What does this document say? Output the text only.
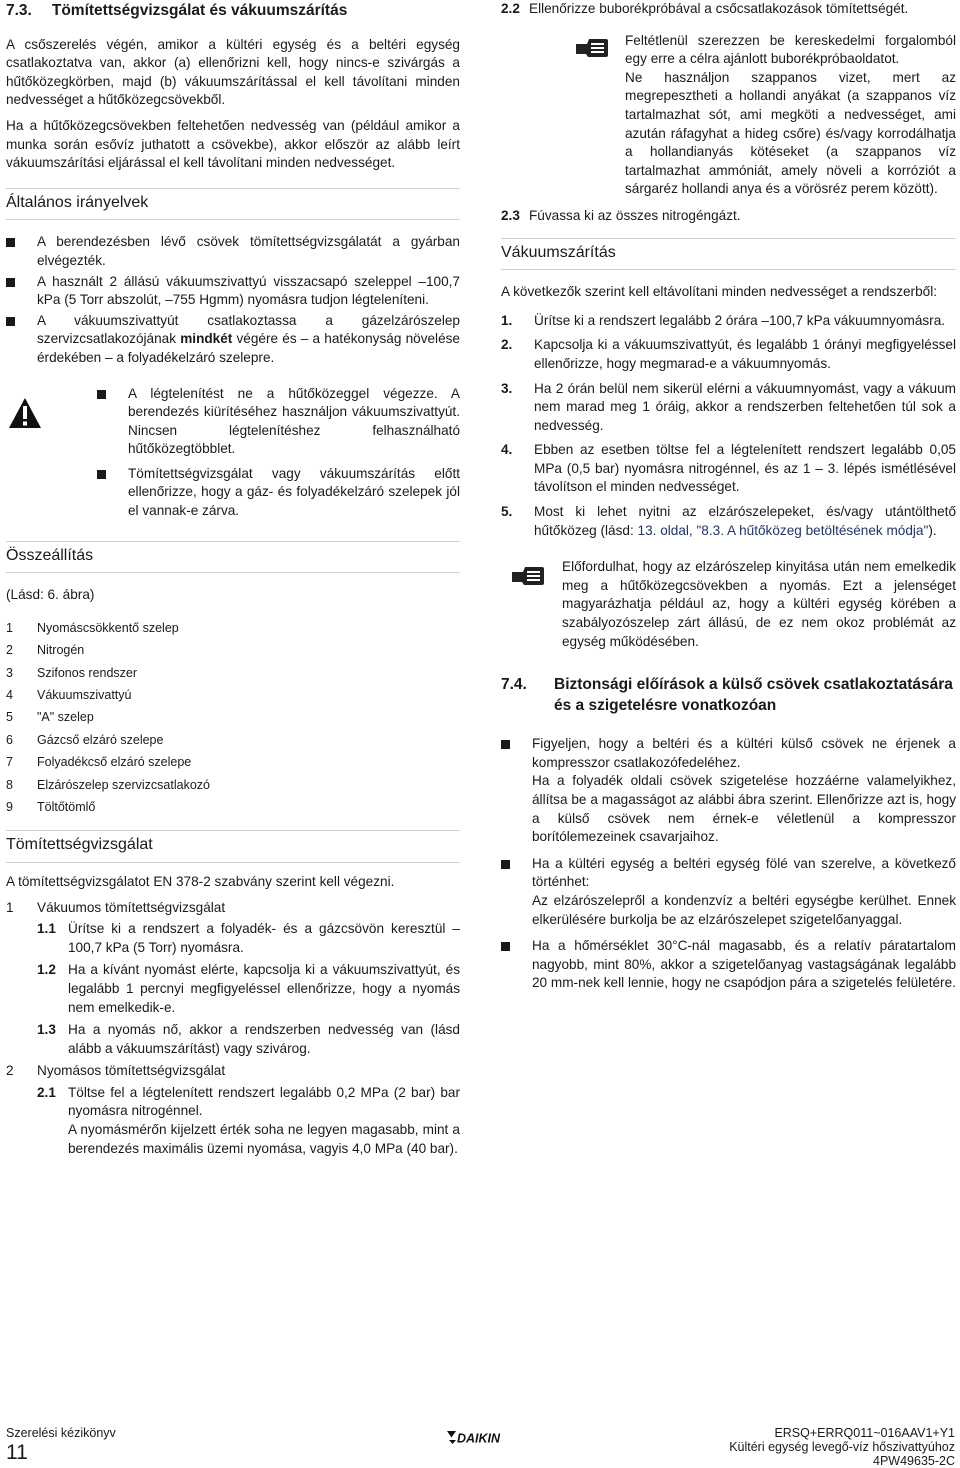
7.3. Tömítettségvizsgálat és vákuumszárítás

A csőszerelés végén, amikor a kültéri egység és a beltéri egység csatlakoztatva van, akkor (a) ellenőrizni kell, hogy nincs-e szivárgás a hűtőközegkörben, majd (b) vákuumszárítással el kell távolítani minden nedvességet a hűtőközegcsövekből.

Ha a hűtőközegcsövekben feltehetően nedvesség van (például amikor a munka során esővíz juthatott a csövekbe), akkor először az alább leírt vákuumszárítási eljárással el kell távolítani minden nedvességet.

Általános irányelvek
A berendezésben lévő csövek tömítettségvizsgálatát a gyárban elvégezték.
A használt 2 állású vákuumszivattyú visszacsapó szeleppel –100,7 kPa (5 Torr abszolút, –755 Hgmm) nyomásra tudjon légteleníteni.
A vákuumszivattyút csatlakoztassa a gázelzárószelep szervizcsatlakozójának mindkét végére és – a hatékonyság növelése érdekében – a folyadékelzáró szelepre.
A légtelenítést ne a hűtőközeggel végezze. A berendezés kiürítéséhez használjon vákuumszivattyút. Nincsen légtelenítéshez felhasználható hűtőközegtöbblet.
Tömítettségvizsgálat vagy vákuumszárítás előtt ellenőrizze, hogy a gáz- és folyadékelzáró szelepek jól el vannak-e zárva.
Összeállítás

(Lásd: 6. ábra)

1	Nyomáscsökkentő szelep
2	Nitrogén
3	Szifonos rendszer
4	Vákuumszivattyú
5	"A" szelep
6	Gázcső elzáró szelepe
7	Folyadékcső elzáró szelepe
8	Elzárószelep szervizcsatlakozó
9	Töltőtömlő
Tömítettségvizsgálat

A tömítettségvizsgálatot EN 378-2 szabvány szerint kell végezni.

1	Vákuumos tömítettségvizsgálat
1.1 Ürítse ki a rendszert a folyadék- és a gázcsövön keresztül –100,7 kPa (5 Torr) nyomásra.
1.2 Ha a kívánt nyomást elérte, kapcsolja ki a vákuumszivattyút, és legalább 1 percnyi megfigyeléssel ellenőrizze, hogy a nyomás nem emelkedik-e.
1.3 Ha a nyomás nő, akkor a rendszerben nedvesség van (lásd alább a vákuumszárítást) vagy szivárog.
2	Nyomásos tömítettségvizsgálat
2.1 Töltse fel a légtelenített rendszert legalább 0,2 MPa (2 bar) bar nyomásra nitrogénnel.
A nyomásmérőn kijelzett érték soha ne legyen magasabb, mint a berendezés maximális üzemi nyomása, vagyis 4,0 MPa (40 bar).
2.2 Ellenőrizze buborékpróbával a csőcsatlakozások tömítettségét.

Feltétlenül szerezzen be kereskedelmi forgalomból egy erre a célra ajánlott buborékpróbaoldatot.

Ne használjon szappanos vizet, mert az megrepesztheti a hollandi anyákat (a szappanos víz tartalmazhat sót, ami megköti a nedvességet, ami azután ráfagyhat a hideg csőre) és/vagy korrodálhatja a hollandianyás kötéseket (a szappanos víz tartalmazhat ammóniát, amely növeli a korróziót a sárgaréz hollandi anya és a vörösréz perem között).

2.3 Fúvassa ki az összes nitrogéngázt.
Vákuumszárítás

A következők szerint kell eltávolítani minden nedvességet a rendszerből:

1.	Ürítse ki a rendszert legalább 2 órára –100,7 kPa vákuumnyomásra.
2.	Kapcsolja ki a vákuumszivattyút, és legalább 1 órányi megfigyeléssel ellenőrizze, hogy megmarad-e a vákuumnyomás.
3.	Ha 2 órán belül nem sikerül elérni a vákuumnyomást, vagy a vákuum nem marad meg 1 óráig, akkor a rendszerben feltehetően túl sok a nedvesség.
4.	Ebben az esetben töltse fel a légtelenített rendszert legalább 0,05 MPa (0,5 bar) nyomásra nitrogénnel, és az 1 – 3. lépés ismétlésével távolítson el minden nedvességet.
5.	Most ki lehet nyitni az elzárószelepeket, és/vagy utántölthető hűtőközeg (lásd: 13. oldal, "8.3. A hűtőközeg betöltésének módja").

Előfordulhat, hogy az elzárószelep kinyitása után nem emelkedik meg a hűtőközegcsövekben a nyomás. Ezt a jelenséget magyarázhatja például az, hogy a kültéri egység körében a szabályozószelep zárt állású, de ez nem okoz problémát az egység működésében.

7.4.	Biztonsági előírások a külső csövek csatlakoztatására és a szigetelésre vonatkozóan
Figyeljen, hogy a beltéri és a kültéri külső csövek ne érjenek a kompresszor csatlakozófedeléhez.
Ha a folyadék oldali csövek szigetelése hozzáérne valamelyikhez, állítsa be a magasságot az alábbi ábra szerint. Ellenőrizze azt is, hogy a külső csövek nem érnek-e véletlenül a kompresszor borítólemezeinek csavarjaihoz.
Ha a kültéri egység a beltéri egység fölé van szerelve, a következő történhet:
Az elzárószelepről a kondenzvíz a beltéri egységbe kerülhet. Ennek elkerülésére burkolja be az elzárószelepet szigetelőanyaggal.
Ha a hőmérséklet 30°C-nál magasabb, és a relatív páratartalom nagyobb, mint 80%, akkor a szigetelőanyag vastagságának legalább 20 mm-nek kell lennie, hogy ne csapódjon pára a szigetelés felületére.
Szerelési kézikönyv
11
DAIKIN	ERSQ+ERRQ011~016AAV1+Y1
Kültéri egység levegő-víz hőszivattyúhoz
4PW49635-2C
